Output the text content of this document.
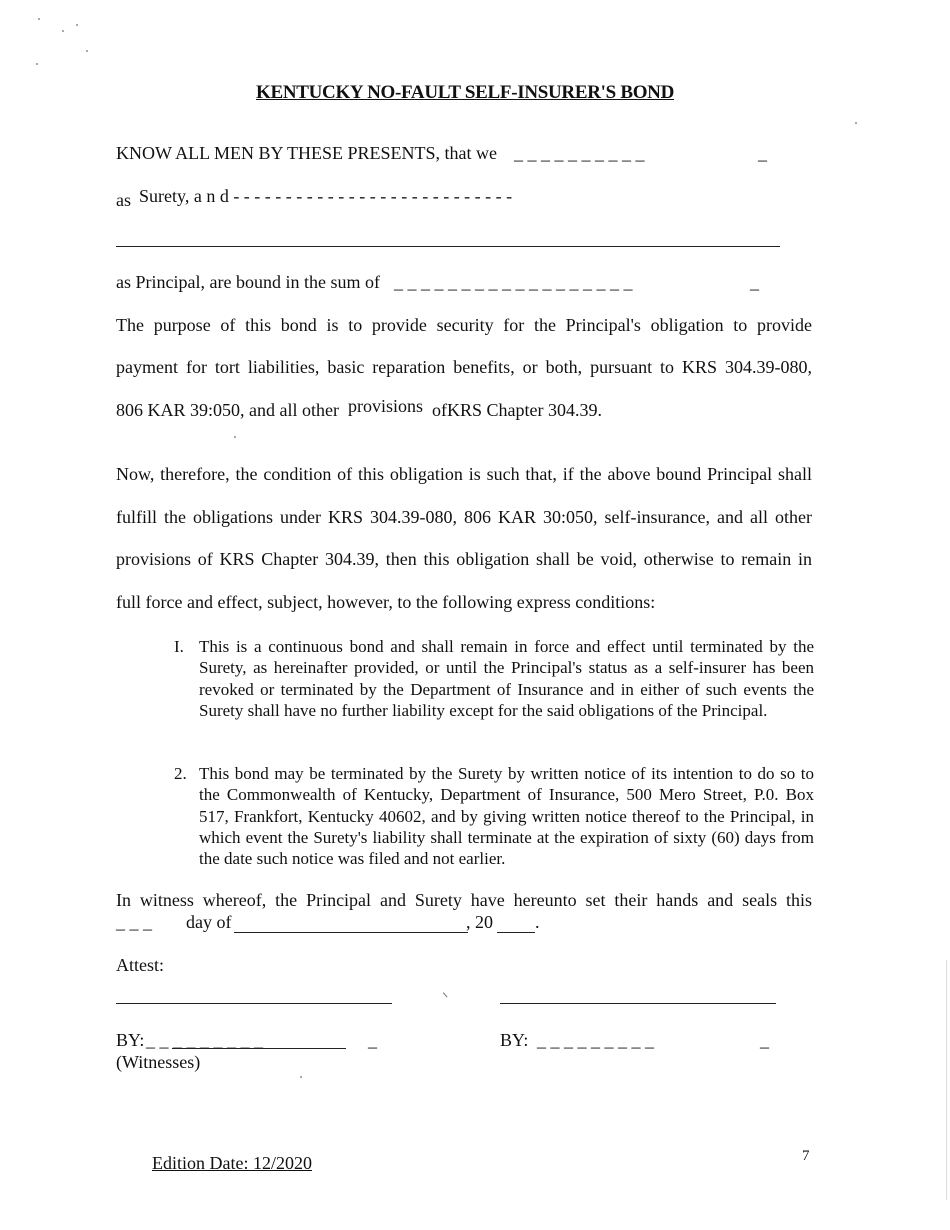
KENTUCKY NO-FAULT SELF-INSURER'S BOND
KNOW ALL MEN BY THESE PRESENTS, that we _ _ _ _ _ _ _ _ _ _	_
as Surety, a n d - - - - - - - - - - - - - - - - - - - - - - - - - - -
as Principal, are bound in the sum of _ _ _ _ _ _ _ _ _ _ _ _ _ _ _ _ _ _	_
The purpose of this bond is to provide security for the Principal's obligation to provide
payment for tort liabilities, basic reparation benefits, or both, pursuant to KRS 304.39-080,
806 KAR 39:050, and all other provisions ofKRS Chapter 304.39.
Now, therefore, the condition of this obligation is such that, if the above bound Principal shall
fulfill the obligations under KRS 304.39-080, 806 KAR 30:050, self-insurance, and all other
provisions of KRS Chapter 304.39, then this obligation shall be void, otherwise to remain in
full force and effect, subject, however, to the following express conditions:
I. This is a continuous bond and shall remain in force and effect until terminated by the Surety, as hereinafter provided, or until the Principal's status as a self-insurer has been revoked or terminated by the Department of Insurance and in either of such events the Surety shall have no further liability except for the said obligations of the Principal.
2. This bond may be terminated by the Surety by written notice of its intention to do so to the Commonwealth of Kentucky, Department of Insurance, 500 Mero Street, P.0. Box 517, Frankfort, Kentucky 40602, and by giving written notice thereof to the Principal, in which event the Surety's liability shall terminate at the expiration of sixty (60) days from the date such notice was filed and not earlier.
In witness whereof, the Principal and Surety have hereunto set their hands and seals this
_ _ _ day of	, 20 .
Attest:
BY: _ _ _ _ _ _ _ _ _	_
(Witnesses)
BY: _ _ _ _ _ _ _ _ _	_
Edition Date: 12/2020	7
